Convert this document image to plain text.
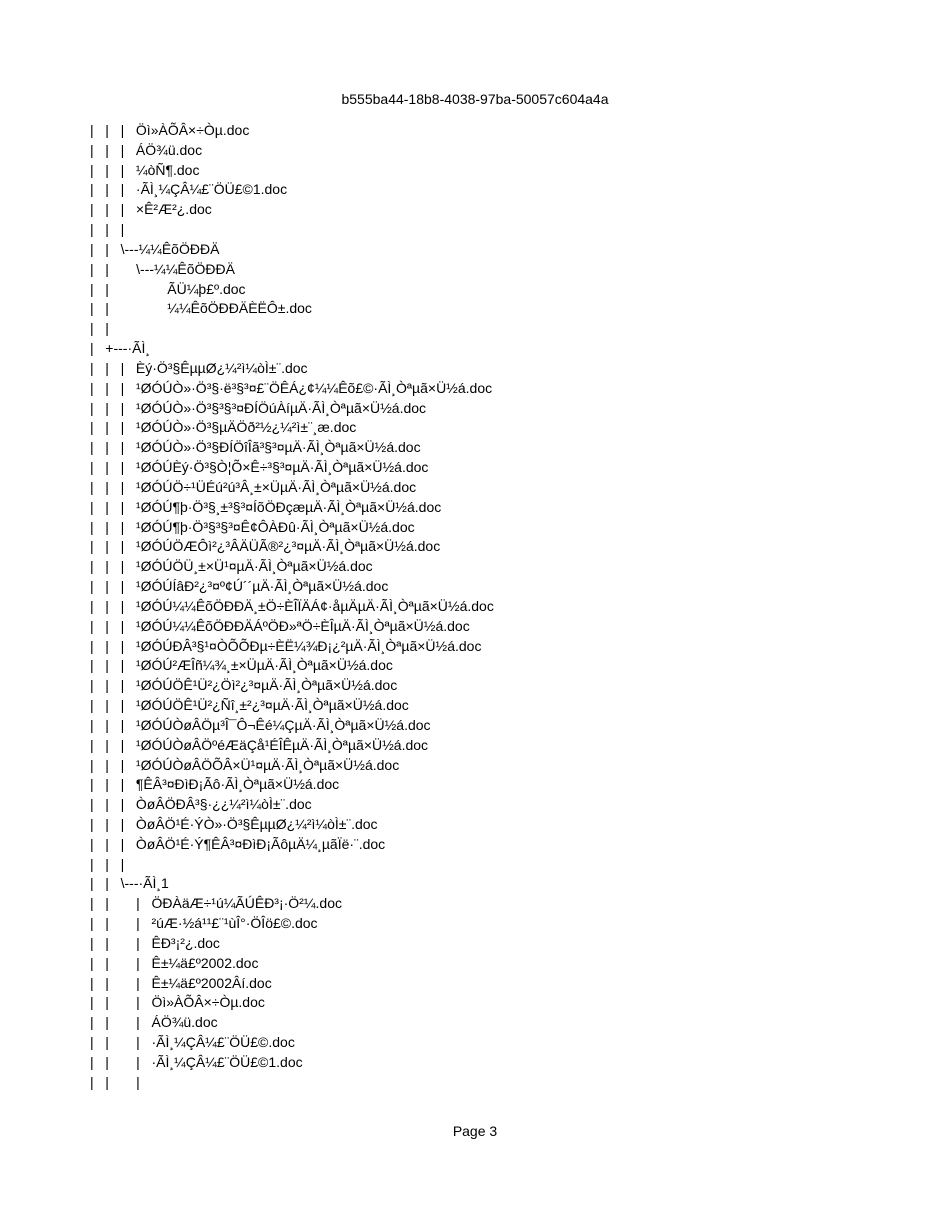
b555ba44-18b8-4038-97ba-50057c604a4a
|   |   |   Öì»ÀÕÂ×÷Òµ.doc
|   |   |   ÁÖ¾ü.doc
|   |   |   ¼òÑ¶.doc
|   |   |   ·ÃÌ¸¼ÇÂ¼£¨ÖÜ£©1.doc
|   |   |   ×Ê²Æ²¿.doc
|   |   |
|   |   \---¼¼ÊõÖÐÐÄ
|   |       \---¼¼ÊõÖÐÐÄ
|   |               ÃÜ¼þ£º.doc
|   |               ¼¼ÊõÖÐÐÄÈËÔ±.doc
|   |
|   +---·ÃÌ¸
|   |   |   Èý·Ö³§ÊµµØ¿¼²ì¼òÌ±¨.doc
|   |   |   ¹ØÓÚÒ»·Ö³§·ë³§³¤£¨ÖÊÁ¿¢¼¼Êõ£©·ÃÌ¸Òªµã×Ü½á.doc
|   |   |   ¹ØÓÚÒ»·Ö³§³§³¤ÐÍÖúÀíµÄ·ÃÌ¸Òªµã×Ü½á.doc
|   |   |   ¹ØÓÚÒ»·Ö³§µÄÖð²½¿¼²ì±¨¸æ.doc
|   |   |   ¹ØÓÚÒ»·Ö³§ÐÍÖîÎã³§³¤µÄ·ÃÌ¸Òªµã×Ü½á.doc
|   |   |   ¹ØÓÚÈý·Ö³§Ò¦Õ×Ê÷³§³¤µÄ·ÃÌ¸Òªµã×Ü½á.doc
|   |   |   ¹ØÓÚÖ÷¹ÜÉú²ú³Â¸±×ÜµÄ·ÃÌ¸Òªµã×Ü½á.doc
|   |   |   ¹ØÓÚ¶þ·Ö³§¸±³§³¤ÍõÖÐçæµÄ·ÃÌ¸Òªµã×Ü½á.doc
|   |   |   ¹ØÓÚ¶þ·Ö³§³§³¤Ê¢ÔÀÐû·ÃÌ¸Òªµã×Ü½á.doc
|   |   |   ¹ØÓÚÖÆÔì²¿³ÂÄÜÃ®²¿³¤µÄ·ÃÌ¸Òªµã×Ü½á.doc
|   |   |   ¹ØÓÚÖÜ¸±×Ü¹¤µÄ·ÃÌ¸Òªµã×Ü½á.doc
|   |   |   ¹ØÓÚÍâÐ²¿³¤º¢Ú´´µÄ·ÃÌ¸Òªµã×Ü½á.doc
|   |   |   ¹ØÓÚ¼¼ÊõÖÐÐÄ¸±Ö÷ÈÎÏÄÁ¢·åµÄµÄ·ÃÌ¸Òªµã×Ü½á.doc
|   |   |   ¹ØÓÚ¼¼ÊõÖÐÐÄÁºÖÐ»ªÖ÷ÈÎµÄ·ÃÌ¸Òªµã×Ü½á.doc
|   |   |   ¹ØÓÚÐÂ³§¹¤ÒÕÕÐµ÷ÈË¼¾Ð¡¿²µÄ·ÃÌ¸Òªµã×Ü½á.doc
|   |   |   ¹ØÓÚ²ÆÎñ¼¾¸±×ÜµÄ·ÃÌ¸Òªµã×Ü½á.doc
|   |   |   ¹ØÓÚÖÊ¹Ü²¿Öì²¿³¤µÄ·ÃÌ¸Òªµã×Ü½á.doc
|   |   |   ¹ØÓÚÖÊ¹Ü²¿Ñî¸±²¿³¤µÄ·ÃÌ¸Òªµã×Ü½á.doc
|   |   |   ¹ØÓÚÒøÂÖµ³Î¯Ô¬Êé¼ÇµÄ·ÃÌ¸Òªµã×Ü½á.doc
|   |   |   ¹ØÓÚÒøÂÖºéÆäÇå¹ÉÎÊµÄ·ÃÌ¸Òªµã×Ü½á.doc
|   |   |   ¹ØÓÚÒøÂÖÕÂ×Ü¹¤µÄ·ÃÌ¸Òªµã×Ü½á.doc
|   |   |   ¶ÊÂ³¤ÐìÐ¡Ãô·ÃÌ¸Òªµã×Ü½á.doc
|   |   |   ÒøÂÖÐÂ³§·¿¿¼²ì¼òÌ±¨.doc
|   |   |   ÒøÂÖ¹É·ÝÒ»·Ö³§ÊµµØ¿¼²ì¼òÌ±¨.doc
|   |   |   ÒøÂÖ¹É·Ý¶ÊÂ³¤ÐìÐ¡ÃôµÄ¼¸µãÏë·¨.doc
|   |   |
|   |   \---·ÃÌ¸1
|   |       |   ÖÐÀäÆ÷¹ú¼ÃÚÊÐ³¡·Ö²¼.doc
|   |       |   ²úÆ·½á¹¹£¨¹ùÎ°·ÖÎö£©.doc
|   |       |   ÊÐ³¡²¿.doc
|   |       |   Ê±¼ä£º2002.doc
|   |       |   Ê±¼ä£º2002Âí.doc
|   |       |   Öì»ÀÕÂ×÷Òµ.doc
|   |       |   ÁÖ¾ü.doc
|   |       |   ·ÃÌ¸¼ÇÂ¼£¨ÖÜ£©.doc
|   |       |   ·ÃÌ¸¼ÇÂ¼£¨ÖÜ£©1.doc
|   |       |
Page 3
